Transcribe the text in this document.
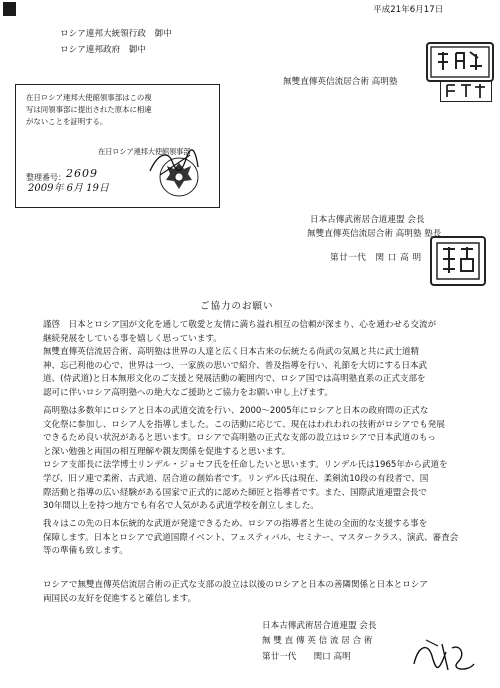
平成21年6月17日
ロシア連邦大統領行政　御中
ロシア連邦政府　御中
無雙直傳英信流居合術 高明塾
在日ロシア連邦大使館領事部はこの複
写は同領事部に提出された原本に相違
がないことを証明する。
在日ロシア連邦大使館領事部
整理番号： 2609
2009年 6月 19日
日本古傳武術居合道連盟 会長
無雙直傳英信流居合術 高明塾 塾長
第廿一代　関 口 高 明
ご協力のお願い
謹啓　日本とロシア国が文化を通して敬愛と友情に満ち溢れ相互の信頼が深まり、心を通わせる交流が
継続発展をしている事を嬉しく思っています。
無雙直傳英信流居合術、高明塾は世界の人達と広く日本古来の伝統たる尚武の気風と共に武士道精
神、忘己利他の心で、世界は一つ、一家族の思いで紹介、普及指導を行い、礼節を大切にする日本武
道、(侍武道)と日本無形文化のご支援と発展活動の範囲内で、ロシア国では高明塾直系の正式支部を
認可に伴いロシア高明塾への絶大なご援助とご協力をお願い申し上げます。
高明塾は多数年にロシアと日本の武道交流を行い、2000～2005年にロシアと日本の政府間の正式な
文化祭に参加し、ロシア人を指導しました。この活動に応じて、現在はわれわれの技術がロシアでも発展
できるため良い状況があると思います。ロシアで高明塾の正式な支部の設立はロシアで日本武道のもっ
と深い勉強と両国の相互理解や親友関係を促進すると思います。
ロシア支部長に法学博士リンデル・ジョセフ氏を任命したいと思います。リンデル氏は1965年から武道を
学び、旧ソ連で柔術、古武道、居合道の創始者です。リンデル氏は現在、柔剣流10段の有段者で、国
際活動と指導の広い経験がある国家で正式的に認めた師匠と指導者です。また、国際武道連盟会長で
30年間以上を持つ地方でも有名で人気がある武道学校を創立しました。
我々はこの先の日本伝統的な武道が発達できるため、ロシアの指導者と生徒の全面的な支援する事を
保障します。日本とロシアで武道国際イベント、フェスティバル、セミナー、マスタークラス、演武、審査会
等の準備も致します。
ロシアで無雙直傳英信流居合術の正式な支部の設立は以後のロシアと日本の善隣関係と日本とロシア
両国民の友好を促進すると確信します。
日本古傳武術居合道連盟 会長
無 雙 直 傳 英 信 流 居 合 術
第廿一代　　関口 高明
